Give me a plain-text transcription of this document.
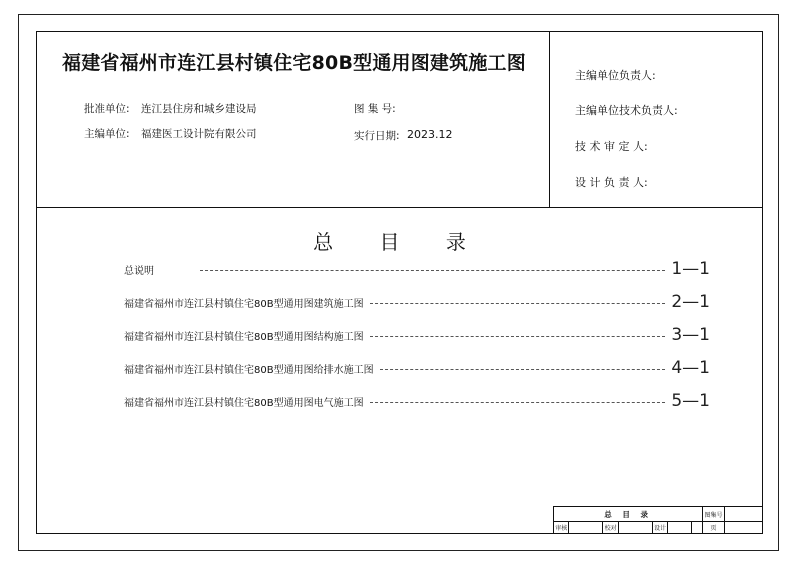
福建省福州市连江县村镇住宅80B型通用图建筑施工图
批准单位: 连江县住房和城乡建设局
主编单位: 福建医工设计院有限公司
图 集 号:
实行日期: 2023.12
主编单位负责人:
主编单位技术负责人:
技 术 审 定 人:
设 计 负 责 人:
总 目 录
总说明	1—1
福建省福州市连江县村镇住宅80B型通用图建筑施工图	2—1
福建省福州市连江县村镇住宅80B型通用图结构施工图	3—1
福建省福州市连江县村镇住宅80B型通用图给排水施工图	4—1
福建省福州市连江县村镇住宅80B型通用图电气施工图	5—1
总 目 录							图集号	
审核		校对		设计			页	
